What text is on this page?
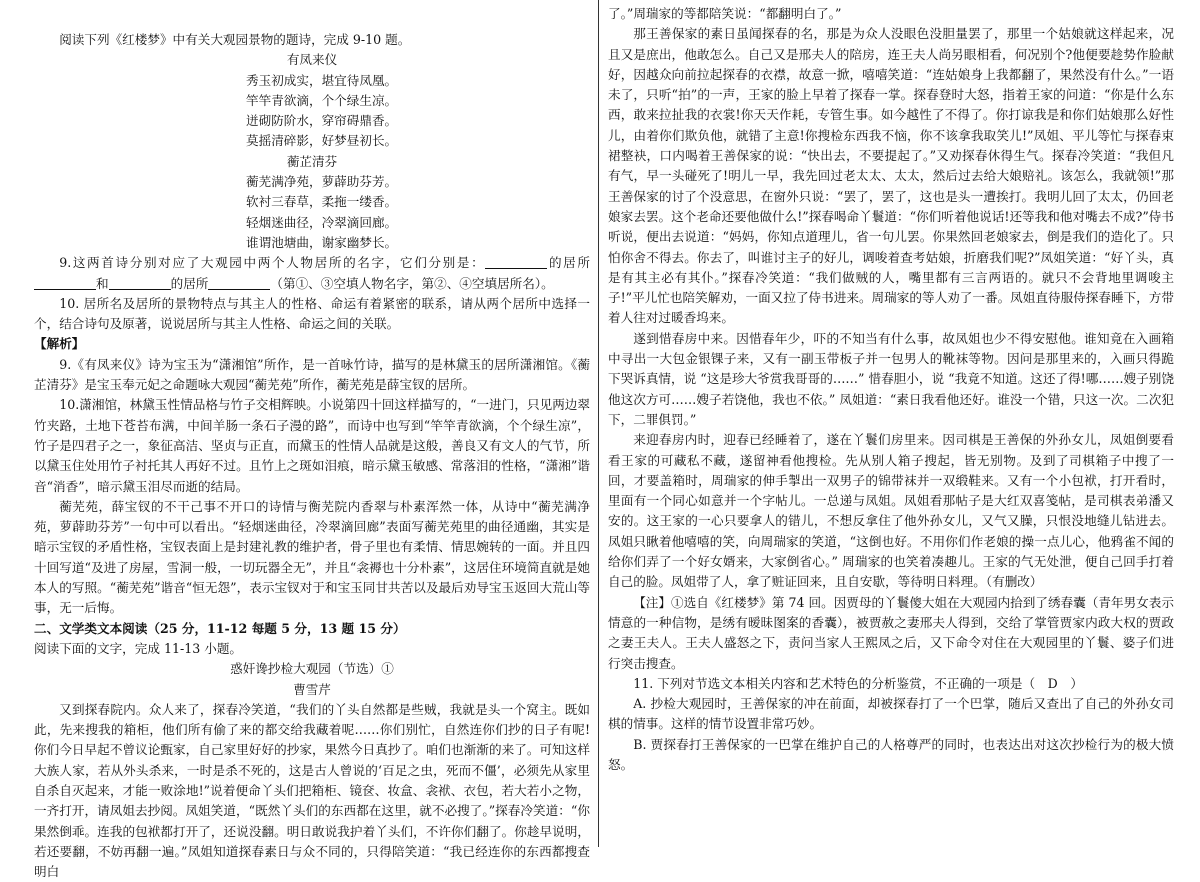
阅读下列《红楼梦》中有关大观园景物的题诗，完成 9-10 题。

有凤来仪

秀玉初成实，堪宜待凤凰。

竿竿青欲滴，个个绿生凉。

迸砌防阶水，穿帘碍鼎香。

莫摇清碎影，好梦昼初长。

蘅芷清芬

蘅芜满净苑，萝薜助芬芳。

软衬三春草，柔拖一缕香。

轻烟迷曲径，冷翠滴回廊。

谁谓池塘曲，谢家幽梦长。

9.这两首诗分别对应了大观园中两个人物居所的名字，它们分别是：	的居所和	的居所	（第①、③空填人物名字，第②、④空填居所名）。

10. 居所名及居所的景物特点与其主人的性格、命运有着紧密的联系，请从两个居所中选择一个，结合诗句及原著，说说居所与其主人性格、命运之间的关联。

【解析】

9.《有凤来仪》诗为宝玉为“潇湘馆”所作，是一首咏竹诗，描写的是林黛玉的居所潇湘馆。《蘅芷清芬》是宝玉奉元妃之命题咏大观园“蘅芜苑”所作，蘅芜苑是薛宝钗的居所。

10.潇湘馆，林黛玉性情品格与竹子交相辉映。小说第四十回这样描写的，“一进门，只见两边翠竹夹路，土地下苍苔布满，中间羊肠一条石子漫的路”，而诗中也写到“竿竿青欲滴，个个绿生凉”，竹子是四君子之一，象征高洁、坚贞与正直，而黛玉的性情人品就是这般，善良又有文人的气节，所以黛玉住处用竹子衬托其人再好不过。且竹上之斑如泪痕，暗示黛玉敏感、常落泪的性格，“潇湘”谐音“消香”，暗示黛玉泪尽而逝的结局。

蘅芜苑，薛宝钗的不干己事不开口的诗情与衡芜院内香翠与朴素浑然一体，从诗中“蘅芜满净苑，萝薜助芬芳”一句中可以看出。“轻烟迷曲径，冷翠滴回廊”表面写蘅芜苑里的曲径通幽，其实是暗示宝钗的矛盾性格，宝钗表面上是封建礼教的维护者，骨子里也有柔情、情思婉转的一面。并且四十回写道“及进了房屋，雪洞一般，一切玩器全无”，并且“衾褥也十分朴素”，这居住环境简直就是她本人的写照。“蘅芜苑”谐音“恒无怨”，表示宝钗对于和宝玉同甘共苦以及最后劝导宝玉返回大荒山等事，无一后悔。

二、文学类文本阅读（25 分，11-12 每题 5 分，13 题 15 分）

阅读下面的文字，完成 11-13 小题。

惑奸谗抄检大观园（节选）①

曹雪芹

又到探春院内。众人来了，探春冷笑道，“我们的丫头自然都是些贼，我就是头一个窝主。既如此，先来搜我的箱柜，他们所有偷了来的都交给我藏着呢……你们别忙，自然连你们抄的日子有呢!你们今日早起不曾议论甄家，自己家里好好的抄家，果然今日真抄了。咱们也渐渐的来了。可知这样大族人家，若从外头杀来，一时是杀不死的，这是古人曾说的‘百足之虫，死而不僵’，必须先从家里自杀自灭起来，才能一败涂地!”说着便命丫头们把箱柜、镜奁、妆盒、衾袱、衣包，若大若小之物，一齐打开，请凤姐去抄阅。凤姐笑道，“既然丫头们的东西都在这里，就不必搜了。”探春冷笑道：“你果然倒乖。连我的包袱都打开了，还说没翻。明日敢说我护着丫头们，不许你们翻了。你趁早说明，若还要翻，不妨再翻一遍。”凤姐知道探春素日与众不同的，只得陪笑道：“我已经连你的东西都搜查明白

了。”周瑞家的等都陪笑说：“都翻明白了。”

那王善保家的素日虽闻探春的名，那是为众人没眼色没胆量罢了，那里一个姑娘就这样起来，况且又是庶出，他敢怎么。自己又是邢夫人的陪房，连王夫人尚另眼相看，何况别个?他便要趁势作脸献好，因越众向前拉起探春的衣襟，故意一掀，嘻嘻笑道：“连姑娘身上我都翻了，果然没有什么。”一语未了，只听“拍”的一声，王家的脸上早着了探春一掌。探春登时大怒，指着王家的问道：“你是什么东西，敢来拉扯我的衣裳!你天天作耗，专管生事。如今越性了不得了。你打谅我是和你们姑娘那么好性儿，由着你们欺负他，就错了主意!你搜检东西我不恼，你不该拿我取笑儿!”凤姐、平儿等忙与探春束裙整袂，口内喝着王善保家的说：“快出去，不要提起了。”又劝探春休得生气。探春冷笑道：“我但凡有气，早一头碰死了!明儿一早，我先回过老太太、太太，然后过去给大娘赔礼。该怎么，我就领!”那王善保家的讨了个没意思，在窗外只说：“罢了，罢了，这也是头一遭挨打。我明儿回了太太，仍回老娘家去罢。这个老命还要他做什么!”探春喝命丫鬟道：“你们听着他说话!还等我和他对嘴去不成?”侍书听说，便出去说道：“妈妈，你知点道理儿，省一句儿罢。你果然回老娘家去，倒是我们的造化了。只怕你舍不得去。你去了，叫谁讨主子的好儿，调唆着查考姑娘，折磨我们呢?”凤姐笑道：“好丫头，真是有其主必有其仆。”探春冷笑道：“我们做贼的人，嘴里都有三言两语的。就只不会背地里调唆主子!”平儿忙也陪笑解劝，一面又拉了侍书进来。周瑞家的等人劝了一番。凤姐直待服侍探春睡下，方带着人往对过暖香坞来。

遂到惜春房中来。因惜春年少，吓的不知当有什么事，故凤姐也少不得安慰他。谁知竟在入画箱中寻出一大包金银锞子来，又有一副玉带板子并一包男人的靴袜等物。因问是那里来的，入画只得跪下哭诉真情，说 “这是珍大爷赏我哥哥的……” 惜春胆小，说 “我竟不知道。这还了得!哪……嫂子别饶他这次方可……嫂子若饶他，我也不依。” 凤姐道：“素日我看他还好。谁没一个错，只这一次。二次犯下，二罪俱罚。”

来迎春房内时，迎春已经睡着了，遂在丫鬟们房里来。因司棋是王善保的外孙女儿，凤姐倒要看看王家的可藏私不藏，遂留神看他搜检。先从别人箱子搜起，皆无别物。及到了司棋箱子中搜了一回，才要盖箱时，周瑞家的伸手掣出一双男子的锦带袜并一双缎鞋来。又有一个小包袱，打开看时，里面有一个同心如意并一个字帖儿。一总递与凤姐。凤姐看那帖子是大红双喜笺帖，是司棋表弟潘又安的。这王家的一心只要拿人的错儿，不想反拿住了他外孙女儿，又气又臊，只恨没地缝儿钻进去。凤姐只瞅着他嘻嘻的笑，向周瑞家的笑道，“这倒也好。不用你们作老娘的操一点儿心，他鸦雀不闻的给你们弄了一个好女婿来，大家倒省心。” 周瑞家的也笑着凑趣儿。王家的气无处泄，便自己回手打着自己的脸。凤姐带了人，拿了赃证回来，且自安歇，等待明日料理。（有删改）

【注】①选自《红楼梦》第 74 回。因贾母的丫鬟傻大姐在大观园内拾到了绣春囊（青年男女表示情意的一种信物，是绣有暧昧图案的香囊），被贾赦之妻邢夫人得到，交给了掌管贾家内政大权的贾政之妻王夫人。王夫人盛怒之下，责问当家人王熙凤之后，又下命令对住在大观园里的丫鬟、婆子们进行突击搜查。

11. 下列对节选文本相关内容和艺术特色的分析鉴赏，不正确的一项是（　D　）

A. 抄检大观园时，王善保家的冲在前面，却被探春打了一个巴掌，随后又查出了自己的外孙女司棋的情事。这样的情节设置非常巧妙。

B. 贾探春打王善保家的一巴掌在维护自己的人格尊严的同时，也表达出对这次抄检行为的极大愤怒。
